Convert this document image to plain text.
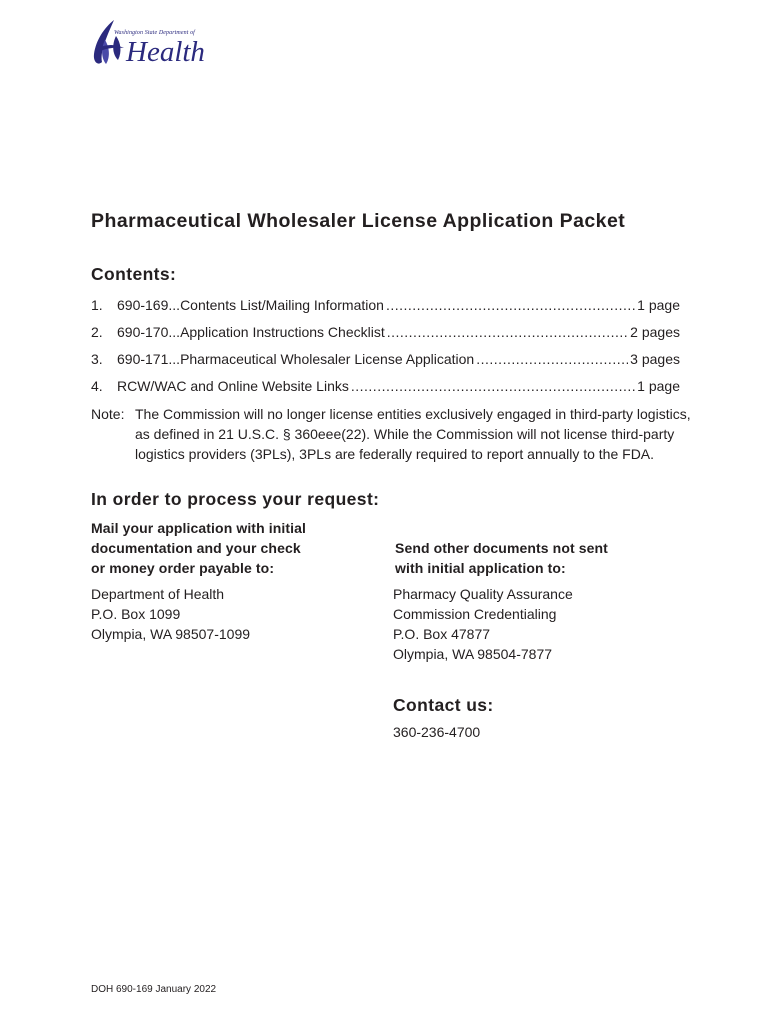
Washington State Department of
Health
Pharmaceutical Wholesaler License Application Packet
Contents:
1.	690-169 ... Contents List/Mailing Information .....	1 page
2.	690-170 ... Application Instructions Checklist .....	2 pages
3.	690-171 ... Pharmaceutical Wholesaler License Application .....	3 pages
4.	RCW/WAC and Online Website Links .....	1 page
Note: The Commission will no longer license entities exclusively engaged in third-party logistics, as defined in 21 U.S.C. § 360eee(22). While the Commission will not license third-party logistics providers (3PLs), 3PLs are federally required to report annually to the FDA.
In order to process your request:
Mail your application with initial
documentation and your check
or money order payable to:
Send other documents not sent
with initial application to:
Department of Health
P.O. Box 1099
Olympia, WA 98507-1099
Pharmacy Quality Assurance
Commission Credentialing
P.O. Box 47877
Olympia, WA 98504-7877
Contact us:
360-236-4700
DOH 690-169 January 2022
